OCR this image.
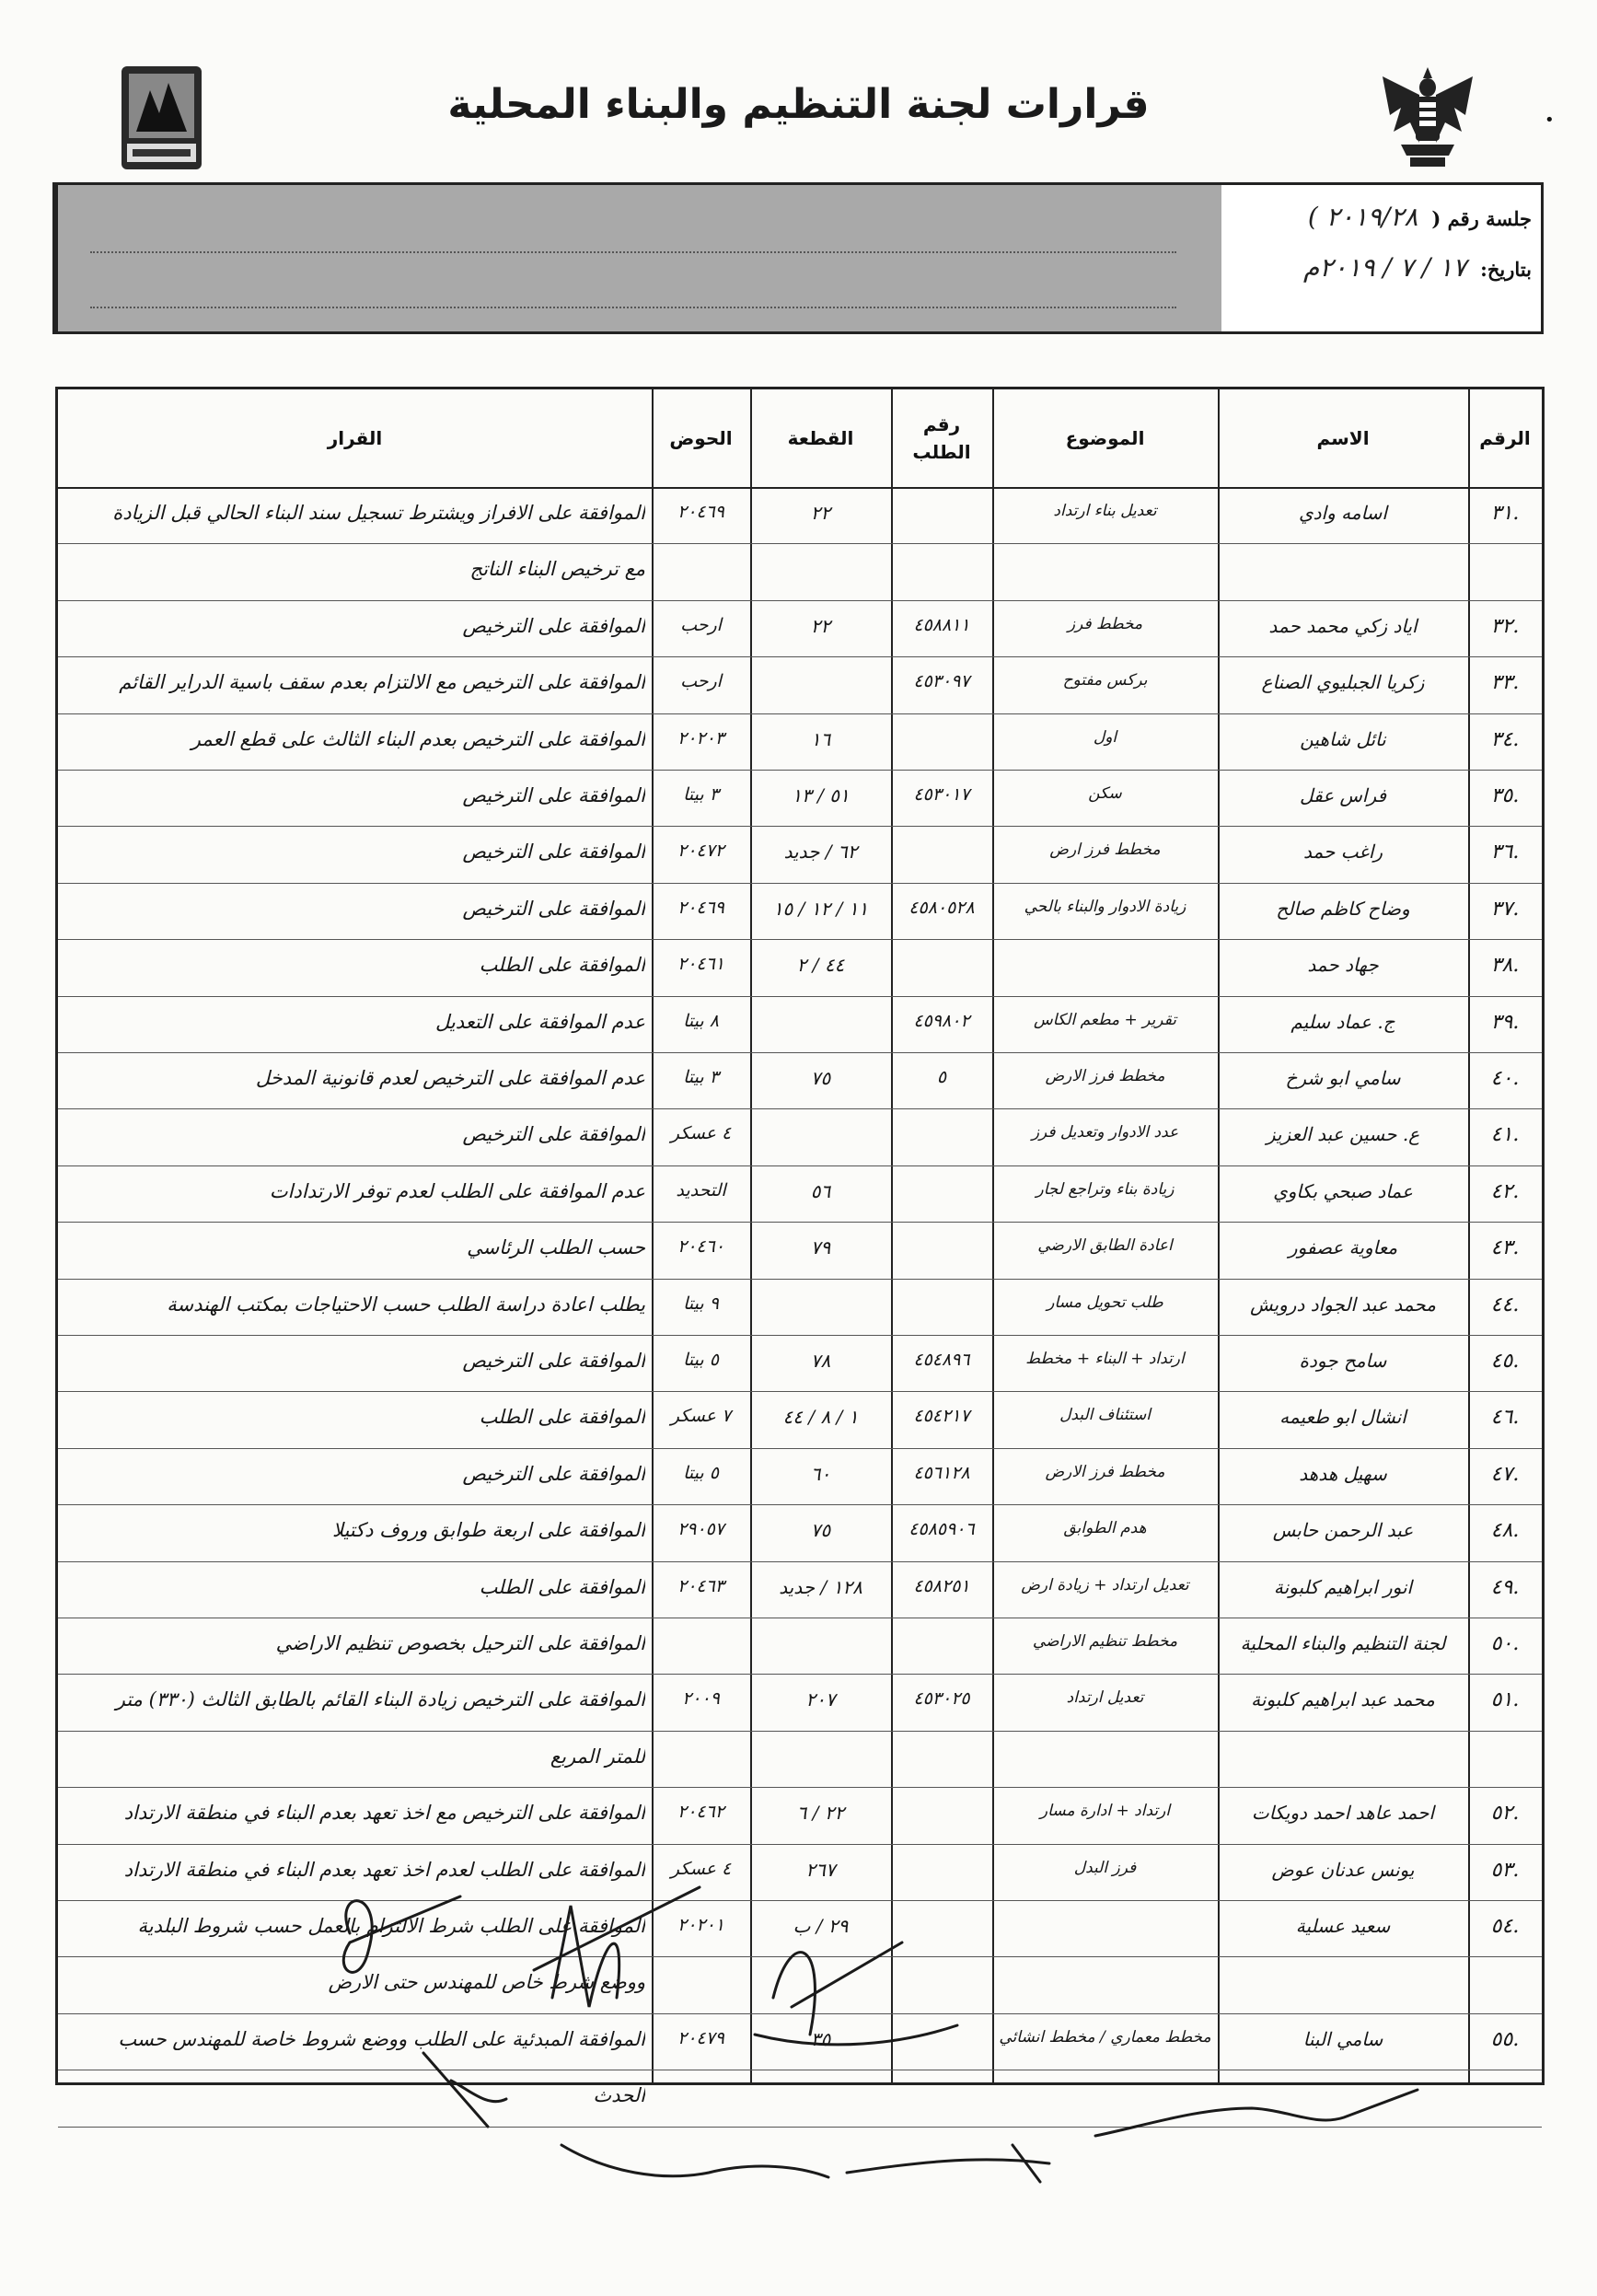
قرارات لجنة التنظيم والبناء المحلية
جلسة رقم ( ٢٠١٩/٢٨ )
بتاريخ: ١٧ / ٧ / ٢٠١٩م
•
الرقم
الاسم
الموضوع
رقم
الطلب
القطعة
الحوض
القرار
.٣١
اسامه وادي
تعديل بناء ارتداد
٢٢
٢٠٤٦٩
الموافقة على الافراز ويشترط تسجيل سند البناء الحالي قبل الزيادة
مع ترخيص البناء الناتج
.٣٢
اياد زكي محمد حمد
مخطط فرز
٤٥٨٨١١
٢٢
ارحب
الموافقة على الترخيص
.٣٣
زكريا الجبليوي الصناع
بركس مفتوح
٤٥٣٠٩٧
ارحب
الموافقة على الترخيص مع الالتزام بعدم سقف باسية الدراير القائم
.٣٤
نائل شاهين
اول
١٦
٢٠٢٠٣
الموافقة على الترخيص بعدم البناء الثالث على قطع العمر
.٣٥
فراس عقل
سكن
٤٥٣٠١٧
٥١ / ١٣
٣ بيتا
الموافقة على الترخيص
.٣٦
راغب حمد
مخطط فرز ارض
٦٢ / جديد
٢٠٤٧٢
الموافقة على الترخيص
.٣٧
وضاح كاظم صالح
زيادة الادوار والبناء بالحي
٤٥٨٠٥٢٨
١١ / ١٢ / ١٥
٢٠٤٦٩
الموافقة على الترخيص
.٣٨
جهاد حمد
٤٤ / ٢
٢٠٤٦١
الموافقة على الطلب
.٣٩
ج. عماد سليم
تقرير + مطعم الكاس
٤٥٩٨٠٢
٨ بيتا
عدم الموافقة على التعديل
.٤٠
سامي ابو شرخ
مخطط فرز الارض
٥
٧٥
٣ بيتا
عدم الموافقة على الترخيص لعدم قانونية المدخل
.٤١
ع. حسين عبد العزيز
عدد الادوار وتعديل فرز
٤ عسكر
الموافقة على الترخيص
.٤٢
عماد صبحي بكاوي
زيادة بناء وتراجع لجار
٥٦
التحديد
عدم الموافقة على الطلب لعدم توفر الارتدادات
.٤٣
معاوية عصفور
اعادة الطابق الارضي
٧٩
٢٠٤٦٠
حسب الطلب الرئاسي
.٤٤
محمد عبد الجواد درويش
طلب تحويل مسار
٩ بيتا
يطلب اعادة دراسة الطلب حسب الاحتياجات بمكتب الهندسة
.٤٥
سامح جودة
ارتداد + البناء + مخطط
٤٥٤٨٩٦
٧٨
٥ بيتا
الموافقة على الترخيص
.٤٦
انشال ابو طعيمه
استئناف البدل
٤٥٤٢١٧
١ / ٨ / ٤٤
٧ عسكر
الموافقة على الطلب
.٤٧
سهيل هدهد
مخطط فرز الارض
٤٥٦١٢٨
٦٠
٥ بيتا
الموافقة على الترخيص
.٤٨
عبد الرحمن حابس
هدم الطوابق
٤٥٨٥٩٠٦
٧٥
٢٩٠٥٧
الموافقة على اربعة طوابق وروف دكتيلا
.٤٩
انور ابراهيم كلبونة
تعديل ارتداد + زيادة ارض
٤٥٨٢٥١
١٢٨ / جديد
٢٠٤٦٣
الموافقة على الطلب
.٥٠
لجنة التنظيم والبناء المحلية
مخطط تنظيم الاراضي
الموافقة على الترحيل بخصوص تنظيم الاراضي
.٥١
محمد عبد ابراهيم كلبونة
تعديل ارتداد
٤٥٣٠٢٥
٢٠٧
٢٠٠٩
الموافقة على الترخيص زيادة البناء القائم بالطابق الثالث (٣٣٠) متر
للمتر المربع
.٥٢
احمد عاهد احمد دويكات
ارتداد + ادارة مسار
٢٢ / ٦
٢٠٤٦٢
الموافقة على الترخيص مع اخذ تعهد بعدم البناء في منطقة الارتداد
.٥٣
يونس عدنان عوض
فرز البدل
٢٦٧
٤ عسكر
الموافقة على الطلب لعدم اخذ تعهد بعدم البناء في منطقة الارتداد
.٥٤
سعيد عسلية
٢٩ / ب
٢٠٢٠١
الموافقة على الطلب شرط الالتزام بالعمل حسب شروط البلدية
ووضع شرط خاص للمهندس حتى الارض
.٥٥
سامي البنا
مخطط معماري / مخطط انشائي
٣٥
٢٠٤٧٩
الموافقة المبدئية على الطلب ووضع شروط خاصة للمهندس حسب
الحدث
